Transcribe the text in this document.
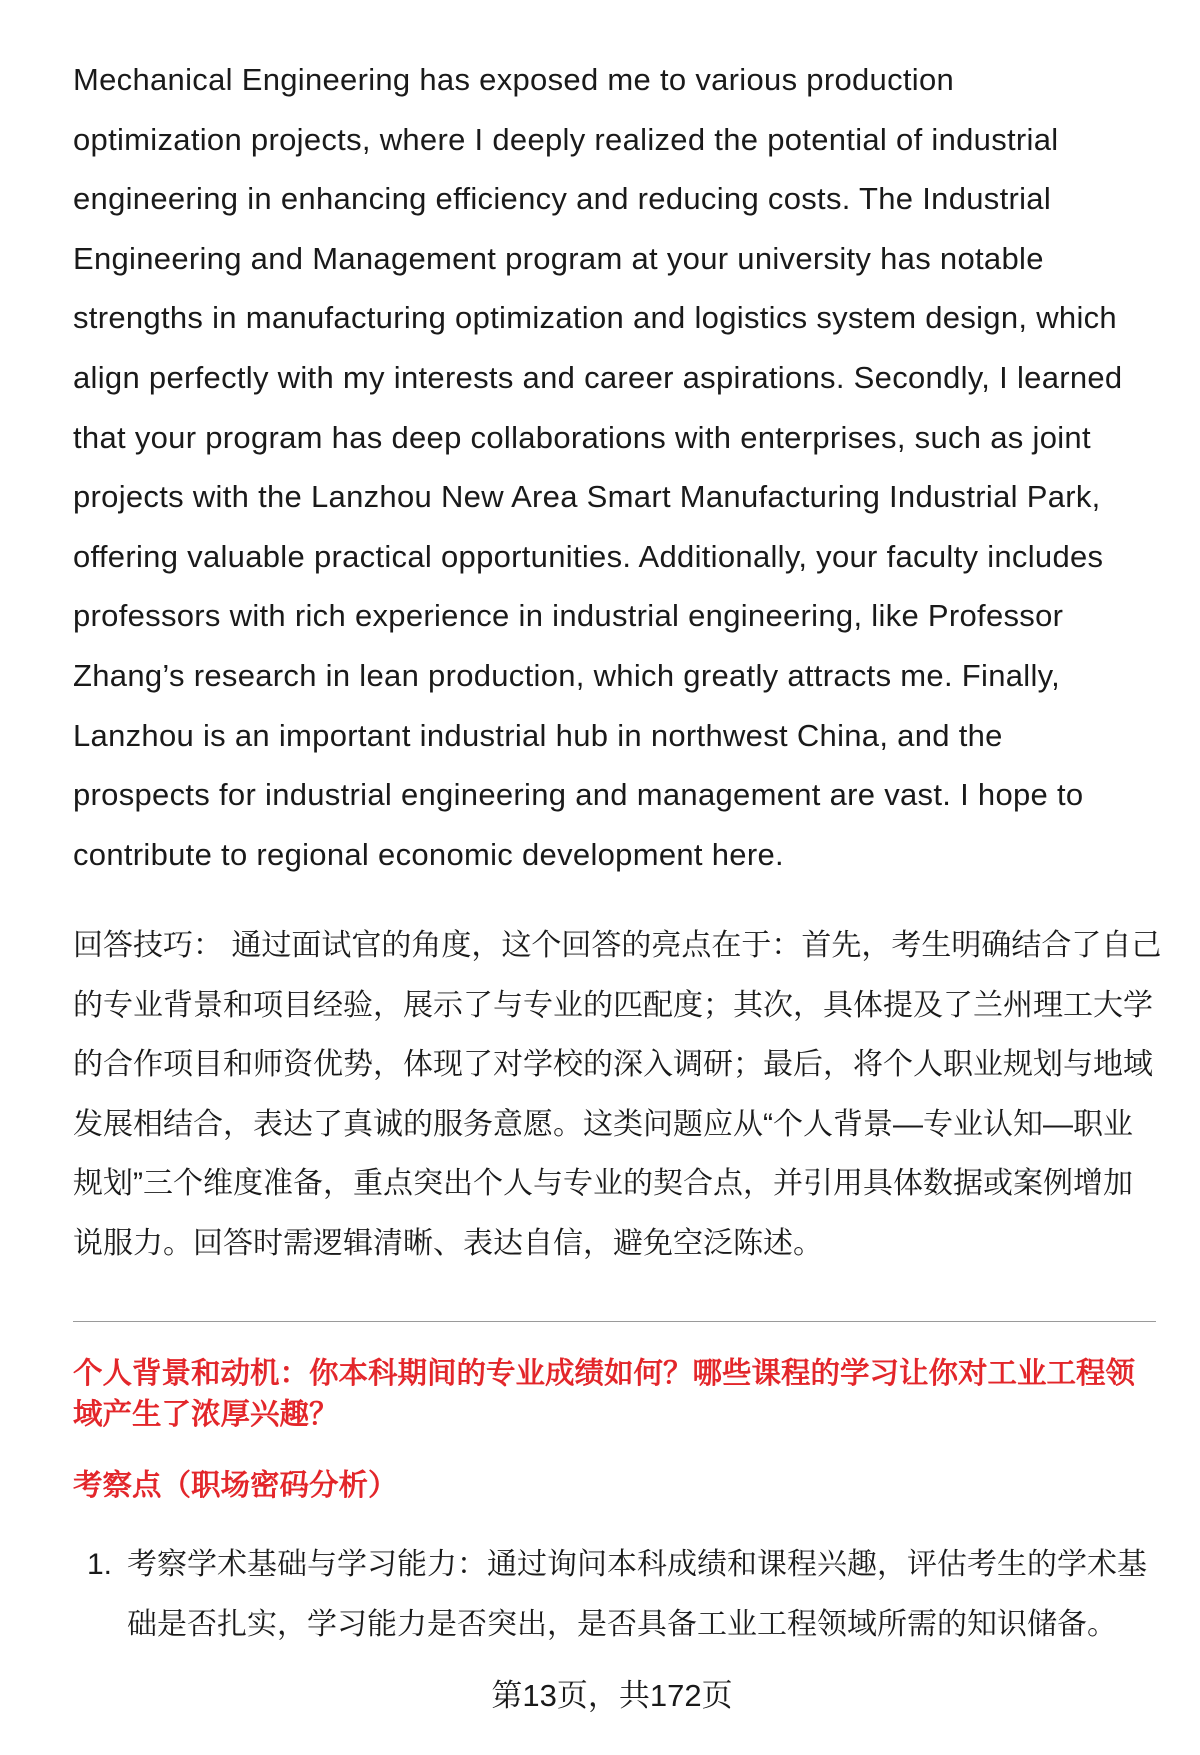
Mechanical Engineering has exposed me to various production
optimization projects, where I deeply realized the potential of industrial
engineering in enhancing efficiency and reducing costs. The Industrial
Engineering and Management program at your university has notable
strengths in manufacturing optimization and logistics system design, which
align perfectly with my interests and career aspirations. Secondly, I learned
that your program has deep collaborations with enterprises, such as joint
projects with the Lanzhou New Area Smart Manufacturing Industrial Park,
offering valuable practical opportunities. Additionally, your faculty includes
professors with rich experience in industrial engineering, like Professor
Zhang’s research in lean production, which greatly attracts me. Finally,
Lanzhou is an important industrial hub in northwest China, and the
prospects for industrial engineering and management are vast. I hope to
contribute to regional economic development here.
回答技巧： 通过面试官的角度，这个回答的亮点在于：首先，考生明确结合了自己
的专业背景和项目经验，展示了与专业的匹配度；其次，具体提及了兰州理工大学
的合作项目和师资优势，体现了对学校的深入调研；最后，将个人职业规划与地域
发展相结合，表达了真诚的服务意愿。这类问题应从“个人背景—专业认知—职业
规划”三个维度准备，重点突出个人与专业的契合点，并引用具体数据或案例增加
说服力。回答时需逻辑清晰、表达自信，避免空泛陈述。
个人背景和动机：你本科期间的专业成绩如何？哪些课程的学习让你对工业工程领
域产生了浓厚兴趣？
考察点（职场密码分析）
1. 考察学术基础与学习能力：通过询问本科成绩和课程兴趣，评估考生的学术基
础是否扎实，学习能力是否突出，是否具备工业工程领域所需的知识储备。
第13页，共172页
